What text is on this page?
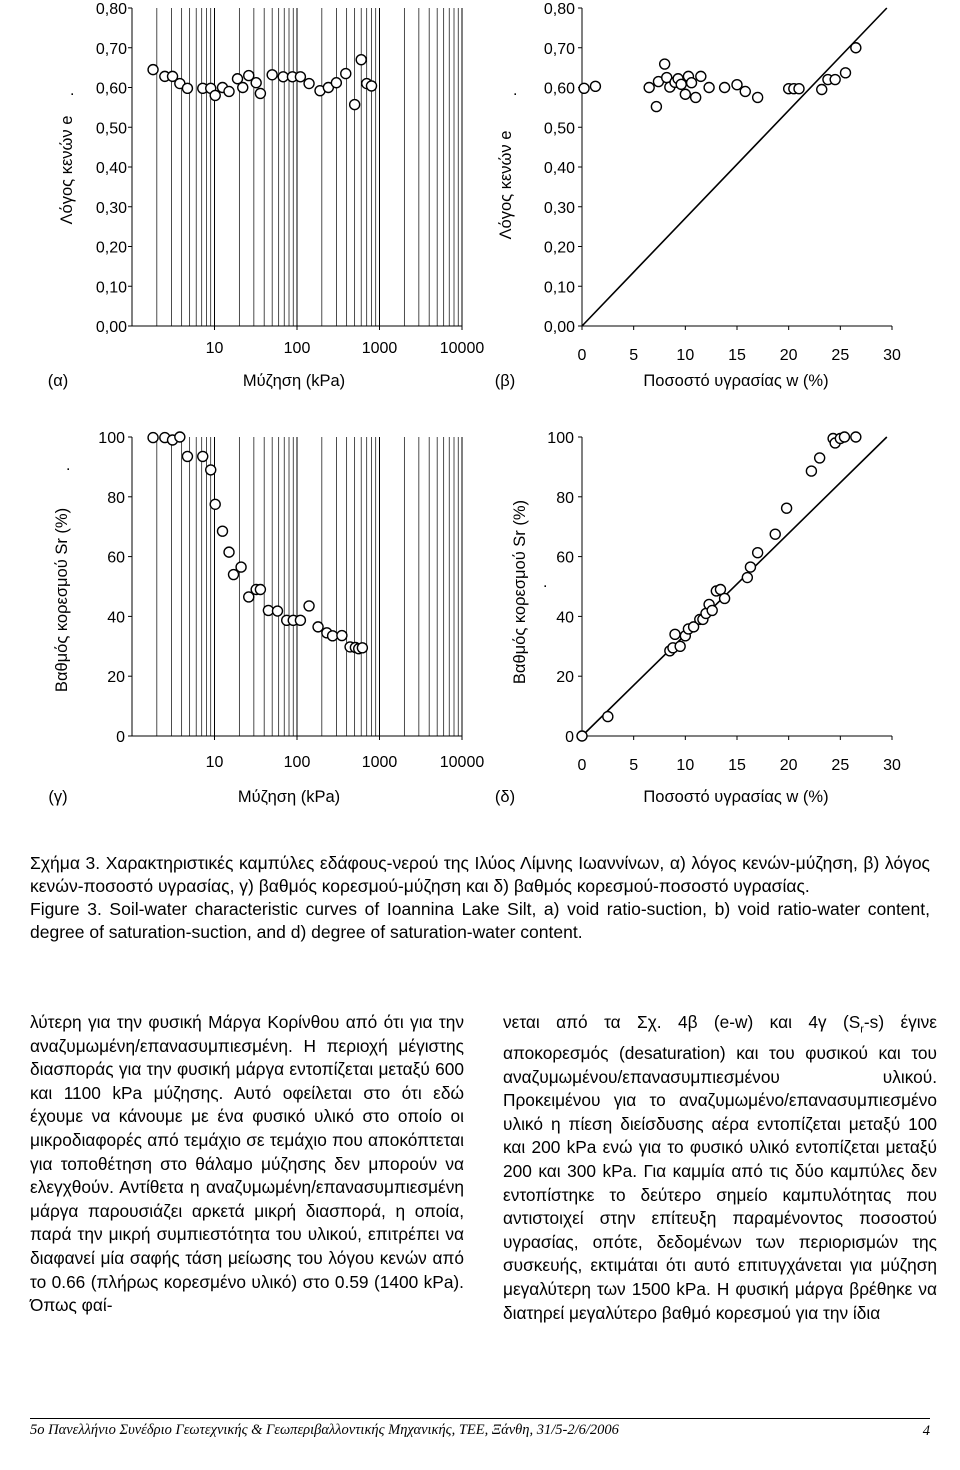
0,00
0,10
0,20
0,30
0,40
0,50
0,60
0,70
0,80
10	100	1000	10000
Μύζηση (kPa)
(α)
Λόγος κενών e
0,00
0,10
0,20
0,30
0,40
0,50
0,60
0,70
0,80
0	5 10 15 20 25 30
Ποσοστό υγρασίας w (%)
(β)
Λόγος κενών e
0
20
40
60
80
100
10	100	1000	10000
Μύζηση (kPa)
(γ)
Βαθμός κορεσμού Sr (%)
0
20
40
60
80
100
0	5 10 15 20 25 30
Ποσοστό υγρασίας w (%)
(δ)
Βαθμός κορεσμού Sr (%)
.	.
.
.

Σχήμα 3. Χαρακτηριστικές καμπύλες εδάφους-νερού της Ιλύος Λίμνης Ιωαννίνων, α) λόγος κενών-μύζηση, β) λόγος κενών-ποσοστό υγρασίας, γ) βαθμός κορεσμού-μύζηση και δ) βαθμός κορεσμού-ποσοστό υγρασίας.

Figure 3. Soil-water characteristic curves of Ioannina Lake Silt, a) void ratio-suction, b) void ratio-water content, degree of saturation-suction, and d) degree of saturation-water content.

λύτερη για την φυσική Μάργα Κορίνθου από ότι για την αναζυμωμένη/επανασυμπιεσμένη. Η περιοχή μέγιστης διασποράς για την φυσική μάργα εντοπίζεται μεταξύ 600 και 1100 kPa μύζησης. Αυτό οφείλεται στο ότι εδώ έχουμε να κάνουμε με ένα φυσικό υλικό στο οποίο οι μικροδιαφορές από τεμάχιο σε τεμάχιο που αποκόπτεται για τοποθέτηση στο θάλαμο μύζησης δεν μπορούν να ελεγχθούν. Αντίθετα η αναζυμωμένη/επανασυμπιεσμένη μάργα παρουσιάζει αρκετά μικρή διασπορά, η οποία, παρά την μικρή συμπιεστότητα του υλικού, επιτρέπει να διαφανεί μία σαφής τάση μείωσης του λόγου κενών από το 0.66 (πλήρως κορεσμένο υλικό) στο 0.59 (1400 kPa). Όπως φαί-

νεται από τα Σχ. 4β (e-w) και 4γ $(S_r-s)$ έγινε αποκορεσμός (desaturation) και του φυσικού και του αναζυμωμένου/επανασυμπιεσμένου υλικού. Προκειμένου για το αναζυμωμένο/επανασυμπιεσμένο υλικό η πίεση διείσδυσης αέρα εντοπίζεται μεταξύ 100 και 200 kPa ενώ για το φυσικό υλικό εντοπίζεται μεταξύ 200 και 300 kPa. Για καμμία από τις δύο καμπύλες δεν εντοπίστηκε το δεύτερο σημείο καμπυλότητας που αντιστοιχεί στην επίτευξη παραμένοντος ποσοστού υγρασίας, οπότε, δεδομένων των περιορισμών της συσκευής, εκτιμάται ότι αυτό επιτυγχάνεται για μύζηση μεγαλύτερη των 1500 kPa. Η φυσική μάργα βρέθηκε να διατηρεί μεγαλύτερο βαθμό κορεσμού για την ίδια

5ο Πανελλήνιο Συνέδριο Γεωτεχνικής & Γεωπεριβαλλοντικής Μηχανικής, ΤΕΕ, Ξάνθη, 31/5-2/6/2006	4
